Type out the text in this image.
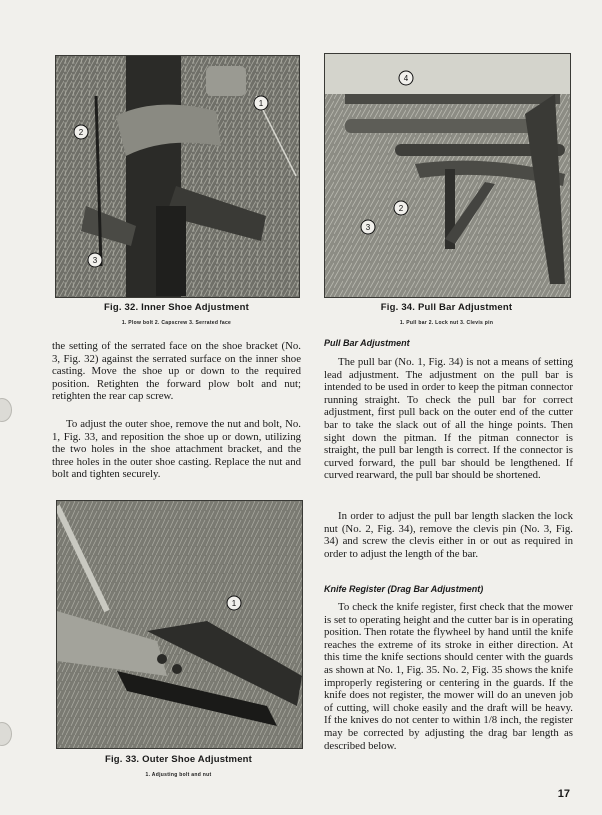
1
2
3
Fig. 32. Inner Shoe Adjustment
1. Plow bolt 2. Capscrew 3. Serrated face
4
2
3
Fig. 34. Pull Bar Adjustment
1. Pull bar 2. Lock nut 3. Clevis pin

the setting of the serrated face on the shoe bracket (No. 3, Fig. 32) against the serrated surface on the inner shoe casting. Move the shoe up or down to the required position. Retighten the forward plow bolt and nut; retighten the rear cap screw.

To adjust the outer shoe, remove the nut and bolt, No. 1, Fig. 33, and reposition the shoe up or down, utilizing the two holes in the shoe attachment bracket, and the three holes in the outer shoe casting. Replace the nut and bolt and tighten securely.

1
Fig. 33. Outer Shoe Adjustment
1. Adjusting bolt and nut
Pull Bar Adjustment

The pull bar (No. 1, Fig. 34) is not a means of setting lead adjustment. The adjustment on the pull bar is intended to be used in order to keep the pitman connector running straight. To check the pull bar for correct adjustment, first pull back on the outer end of the cutter bar to take the slack out of all the hinge points. Then sight down the pitman. If the pitman connector is straight, the pull bar length is correct. If the connector is curved forward, the pull bar should be lengthened. If curved rearward, the pull bar should be shortened.

In order to adjust the pull bar length slacken the lock nut (No. 2, Fig. 34), remove the clevis pin (No. 3, Fig. 34) and screw the clevis either in or out as required in order to adjust the length of the bar.

Knife Register (Drag Bar Adjustment)

To check the knife register, first check that the mower is set to operating height and the cutter bar is in operating position. Then rotate the flywheel by hand until the knife reaches the extreme of its stroke in either direction. At this time the knife sections should center with the guards as shown at No. 1, Fig. 35. No. 2, Fig. 35 shows the knife improperly registering or centering in the guards. If the knife does not register, the mower will do an uneven job of cutting, will choke easily and the draft will be heavy. If the knives do not center to within 1/8 inch, the register may be corrected by adjusting the drag bar length as described below.

17
